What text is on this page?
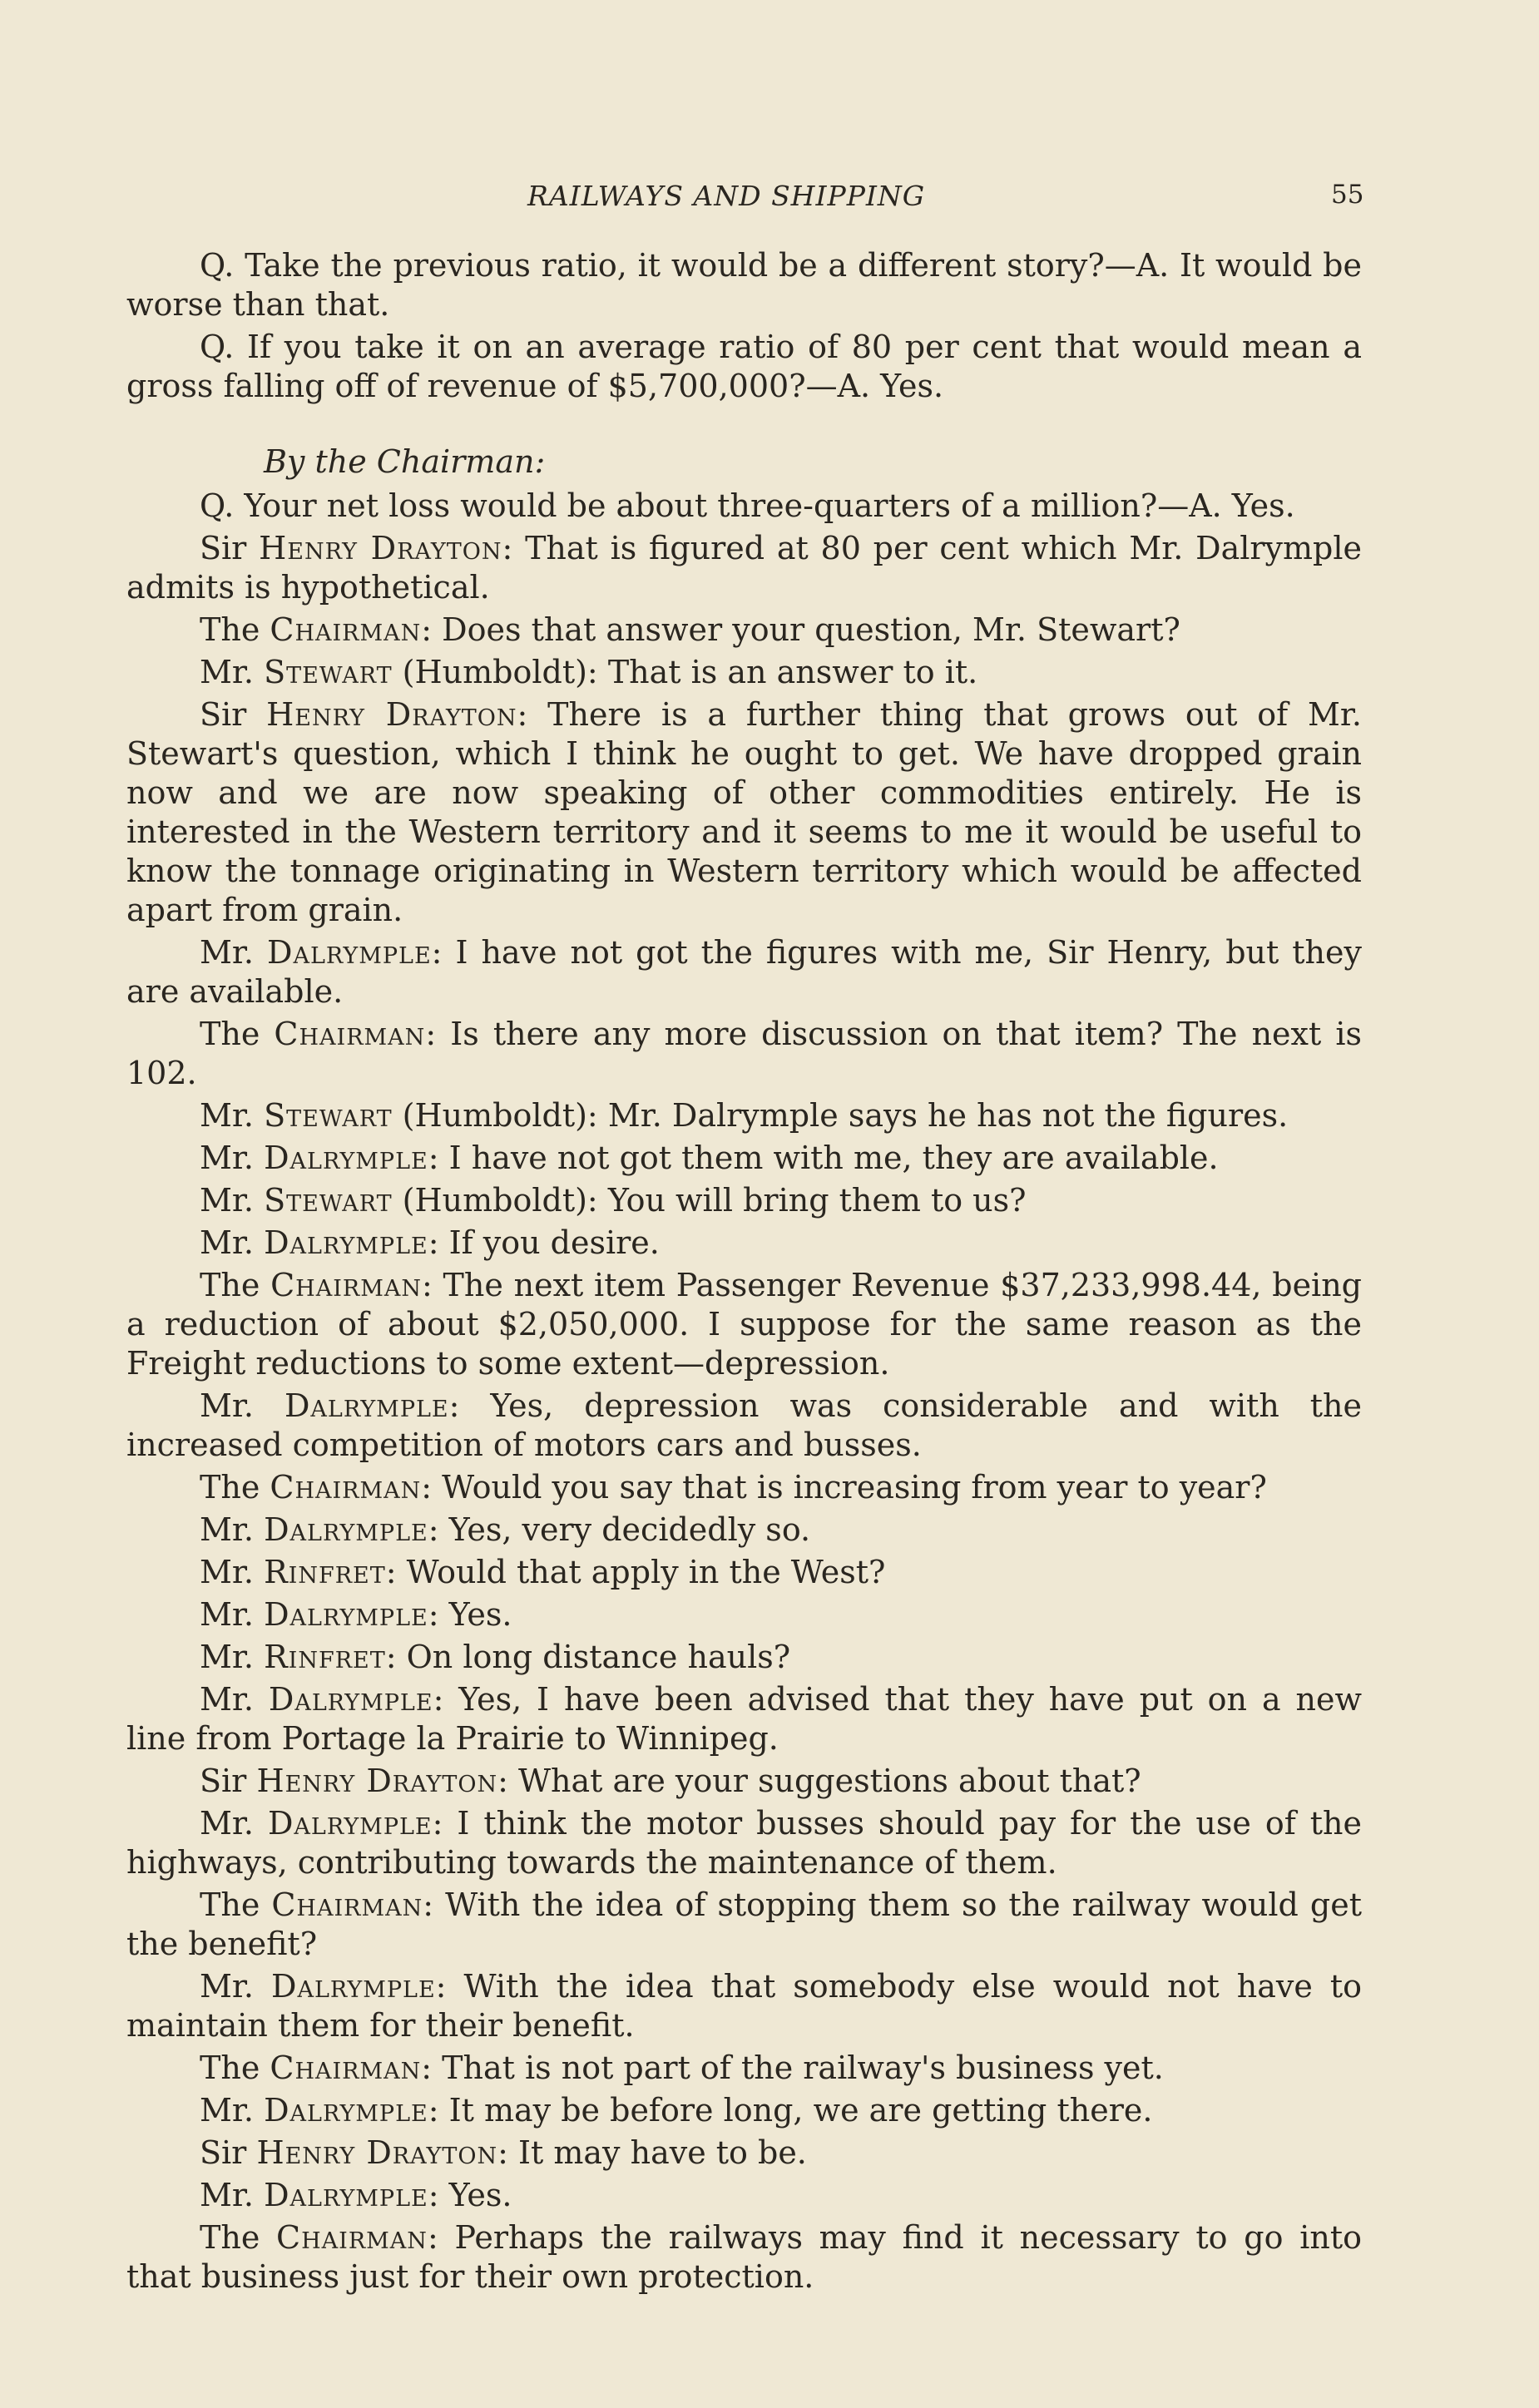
RAILWAYS AND SHIPPING	55

Q. Take the previous ratio, it would be a different story?—A. It would be worse than that.

Q. If you take it on an average ratio of 80 per cent that would mean a gross falling off of revenue of $5,700,000?—A. Yes.

By the Chairman:

Q. Your net loss would be about three-quarters of a million?—A. Yes.

Sir Henry Drayton: That is figured at 80 per cent which Mr. Dalrymple admits is hypothetical.

The Chairman: Does that answer your question, Mr. Stewart?

Mr. Stewart (Humboldt): That is an answer to it.

Sir Henry Drayton: There is a further thing that grows out of Mr. Stewart's question, which I think he ought to get. We have dropped grain now and we are now speaking of other commodities entirely. He is interested in the Western territory and it seems to me it would be useful to know the tonnage originating in Western territory which would be affected apart from grain.

Mr. Dalrymple: I have not got the figures with me, Sir Henry, but they are available.

The Chairman: Is there any more discussion on that item? The next is 102.

Mr. Stewart (Humboldt): Mr. Dalrymple says he has not the figures.

Mr. Dalrymple: I have not got them with me, they are available.

Mr. Stewart (Humboldt): You will bring them to us?

Mr. Dalrymple: If you desire.

The Chairman: The next item Passenger Revenue $37,233,998.44, being a reduction of about $2,050,000. I suppose for the same reason as the Freight reductions to some extent—depression.

Mr. Dalrymple: Yes, depression was considerable and with the increased competition of motors cars and busses.

The Chairman: Would you say that is increasing from year to year?

Mr. Dalrymple: Yes, very decidedly so.

Mr. Rinfret: Would that apply in the West?

Mr. Dalrymple: Yes.

Mr. Rinfret: On long distance hauls?

Mr. Dalrymple: Yes, I have been advised that they have put on a new line from Portage la Prairie to Winnipeg.

Sir Henry Drayton: What are your suggestions about that?

Mr. Dalrymple: I think the motor busses should pay for the use of the highways, contributing towards the maintenance of them.

The Chairman: With the idea of stopping them so the railway would get the benefit?

Mr. Dalrymple: With the idea that somebody else would not have to maintain them for their benefit.

The Chairman: That is not part of the railway's business yet.

Mr. Dalrymple: It may be before long, we are getting there.

Sir Henry Drayton: It may have to be.

Mr. Dalrymple: Yes.

The Chairman: Perhaps the railways may find it necessary to go into that business just for their own protection.
